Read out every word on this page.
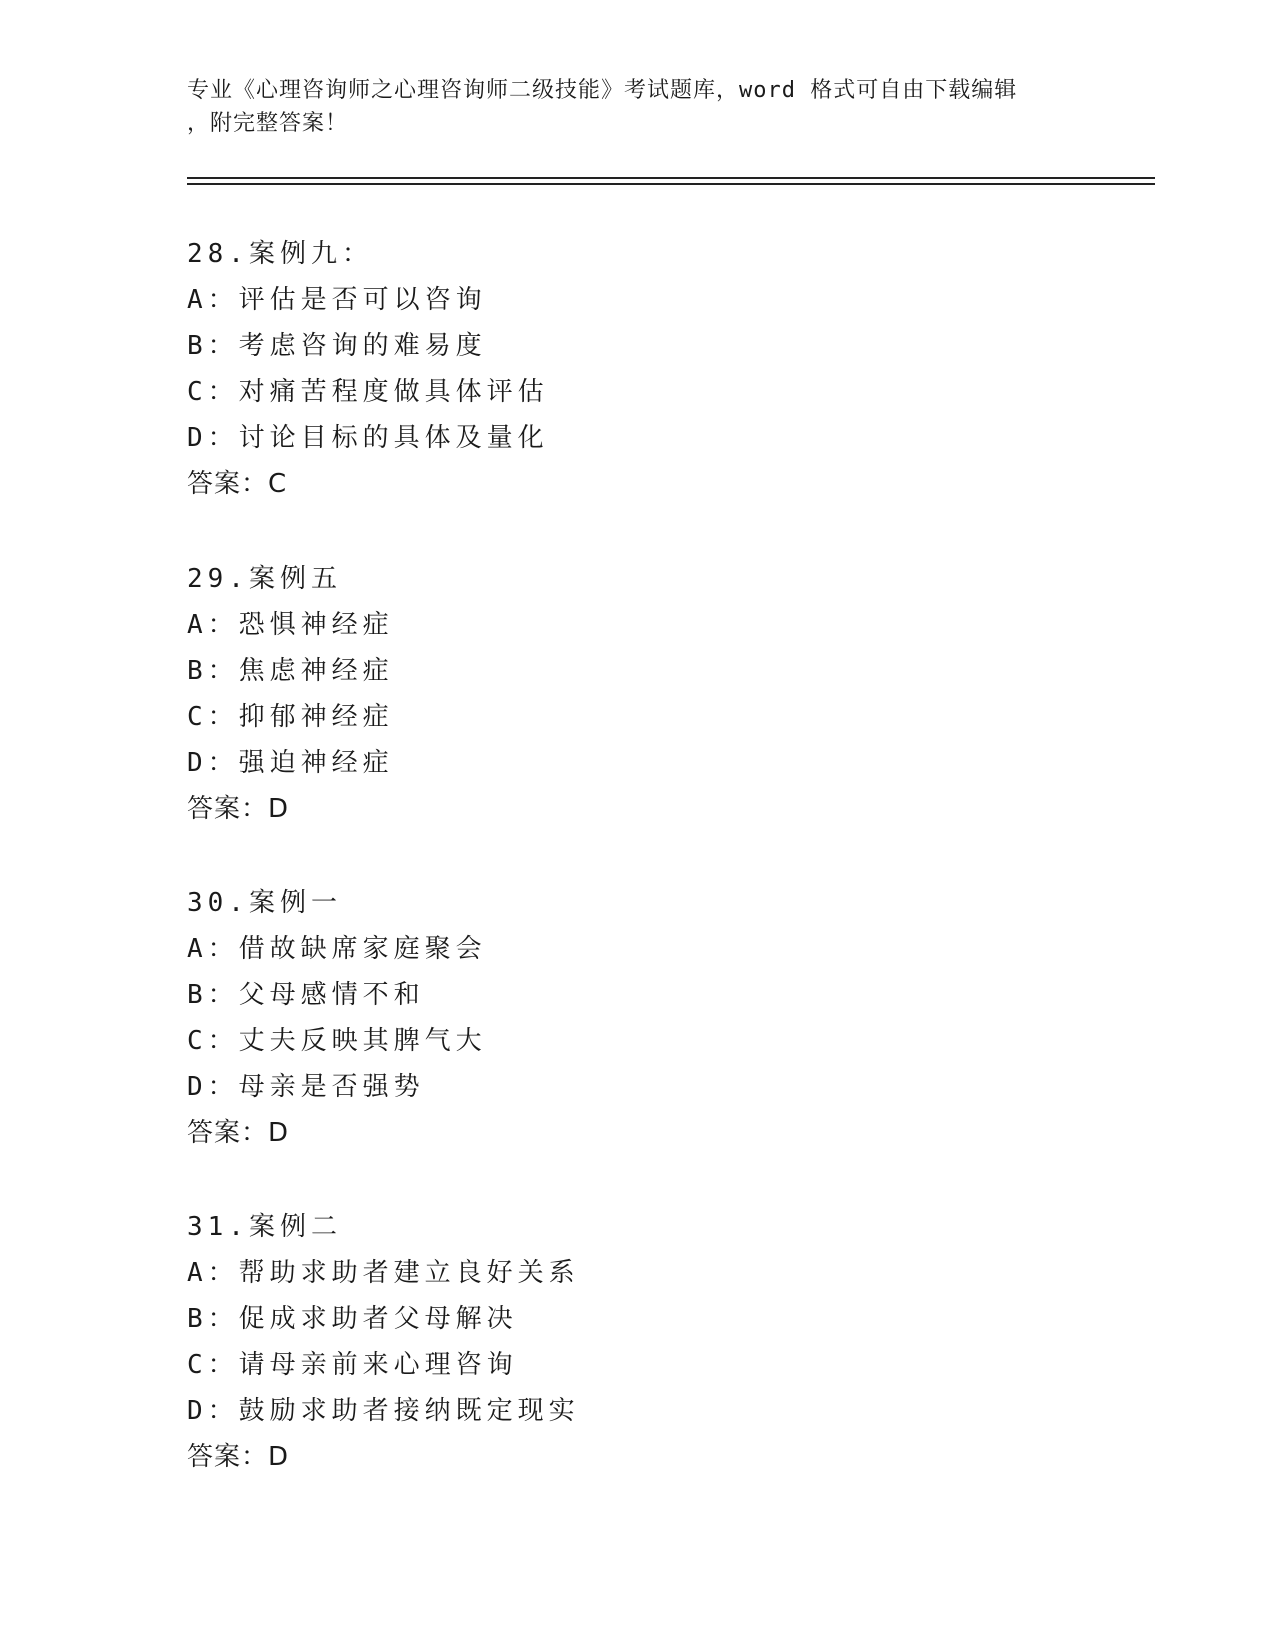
专业《心理咨询师之心理咨询师二级技能》考试题库，word 格式可自由下载编辑
，附完整答案！
28.案例九：
A：评估是否可以咨询
B：考虑咨询的难易度
C：对痛苦程度做具体评估
D：讨论目标的具体及量化
答案：C
29.案例五
A：恐惧神经症
B：焦虑神经症
C：抑郁神经症
D：强迫神经症
答案：D
30.案例一
A：借故缺席家庭聚会
B：父母感情不和
C：丈夫反映其脾气大
D：母亲是否强势
答案：D
31.案例二
A：帮助求助者建立良好关系
B：促成求助者父母解决
C：请母亲前来心理咨询
D：鼓励求助者接纳既定现实
答案：D
